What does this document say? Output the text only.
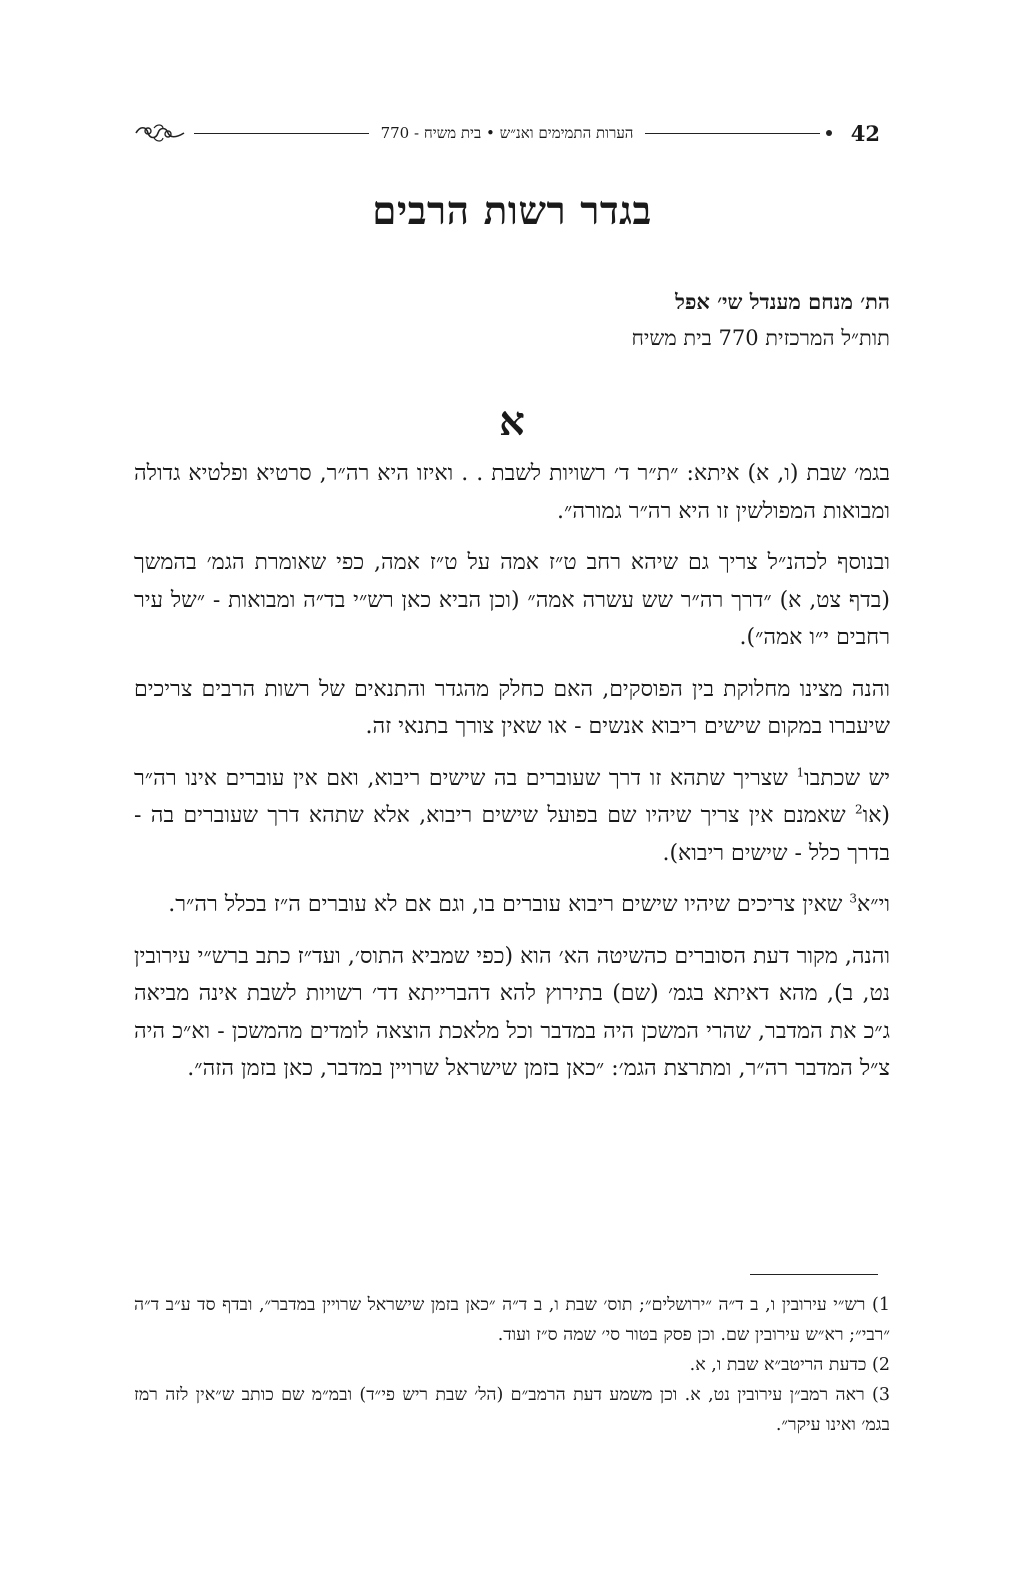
הערות התמימים ואנ״ש • בית משיח - 770	42
בגדר רשות הרבים
הת׳ מנחם מענדל שי׳ אפל
תות״ל המרכזית 770 בית משיח
א

בגמ׳ שבת (ו, א) איתא: ״ת״ר ד׳ רשויות לשבת . . ואיזו היא רה״ר, סרטיא ופלטיא גדולה ומבואות המפולשין זו היא רה״ר גמורה״.

ובנוסף לכהנ״ל צריך גם שיהא רחב ט״ז אמה על ט״ז אמה, כפי שאומרת הגמ׳ בהמשך (בדף צט, א) ״דרך רה״ר שש עשרה אמה״ (וכן הביא כאן רש״י בד״ה ומבואות - ״של עיר רחבים י״ו אמה״).

והנה מצינו מחלוקת בין הפוסקים, האם כחלק מהגדר והתנאים של רשות הרבים צריכים שיעברו במקום שישים ריבוא אנשים - או שאין צורך בתנאי זה.

יש שכתבו$^1$ שצריך שתהא זו דרך שעוברים בה שישים ריבוא, ואם אין עוברים אינו רה״ר (או$^2$ שאמנם אין צריך שיהיו שם בפועל שישים ריבוא, אלא שתהא דרך שעוברים בה - בדרך כלל - שישים ריבוא).

וי״א$^3$ שאין צריכים שיהיו שישים ריבוא עוברים בו, וגם אם לא עוברים ה״ז בכלל רה״ר.

והנה, מקור דעת הסוברים כהשיטה הא׳ הוא (כפי שמביא התוס׳, ועד״ז כתב ברש״י עירובין נט, ב), מהא דאיתא בגמ׳ (שם) בתירוץ להא דהברייתא דד׳ רשויות לשבת אינה מביאה ג״כ את המדבר, שהרי המשכן היה במדבר וכל מלאכת הוצאה לומדים מהמשכן - וא״כ היה צ״ל המדבר רה״ר, ומתרצת הגמ׳: ״כאן בזמן שישראל שרויין במדבר, כאן בזמן הזה״.

1) רש״י עירובין ו, ב ד״ה ״ירושלים״; תוס׳ שבת ו, ב ד״ה ״כאן בזמן שישראל שרויין במדבר״, ובדף סד ע״ב ד״ה ״רבי״; רא״ש עירובין שם. וכן פסק בטור סי׳ שמה ס״ז ועוד.

2) כדעת הריטב״א שבת ו, א.

3) ראה רמב״ן עירובין נט, א. וכן משמע דעת הרמב״ם (הל׳ שבת ריש פי״ד) ובמ״מ שם כותב ש״אין לזה רמז בגמ׳ ואינו עיקר״.
